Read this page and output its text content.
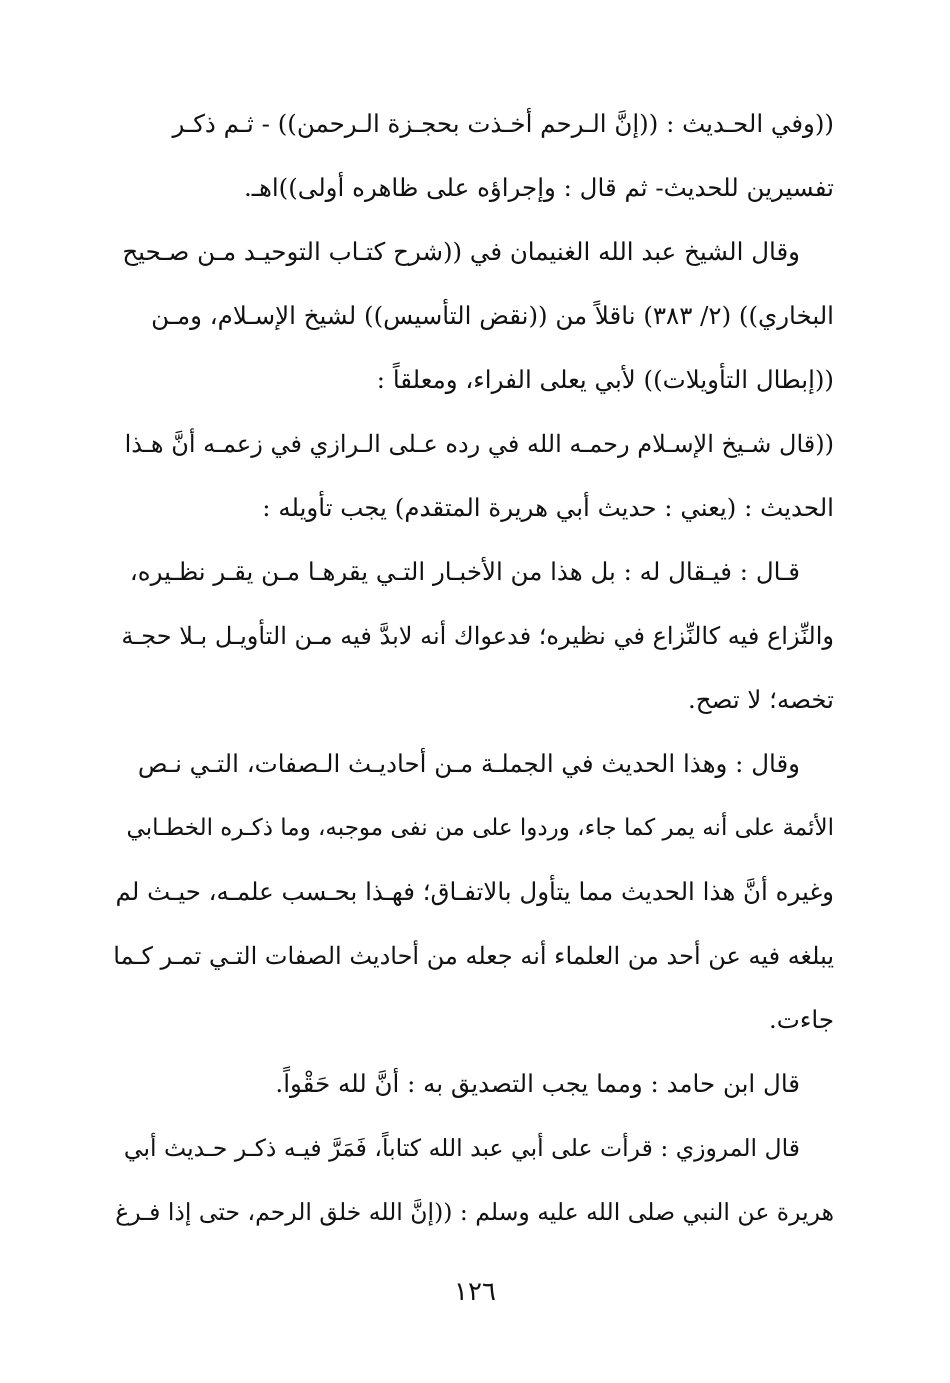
((وفي الحـديث : ((إنَّ الـرحم أخـذت بحجـزة الـرحمن)) - ثـم ذكـر
تفسيرين للحديث- ثم قال : وإجراؤه على ظاهره أولى))اهـ.
وقال الشيخ عبد الله الغنيمان في ((شرح كتـاب التوحيـد مـن صـحيح
البخاري)) (٢/ ٣٨٣) ناقلاً من ((نقض التأسيس)) لشيخ الإسـلام، ومـن
((إبطال التأويلات)) لأبي يعلى الفراء، ومعلقاً :
((قال شـيخ الإسـلام رحمـه الله في رده عـلى الـرازي في زعمـه أنَّ هـذا
الحديث : (يعني : حديث أبي هريرة المتقدم) يجب تأويله :
قـال : فيـقال له : بل هذا من الأخبـار التـي يقرهـا مـن يقـر نظـيره،
والنِّزاع فيه كالنِّزاع في نظيره؛ فدعواك أنه لابدَّ فيه مـن التأويـل بـلا حجـة
تخصه؛ لا تصح.
وقال : وهذا الحديث في الجملـة مـن أحاديـث الـصفات، التـي نـص
الأئمة على أنه يمر كما جاء، وردوا على من نفى موجبه، وما ذكـره الخطـابي
وغيره أنَّ هذا الحديث مما يتأول بالاتفـاق؛ فهـذا بحـسب علمـه، حيـث لم
يبلغه فيه عن أحد من العلماء أنه جعله من أحاديث الصفات التـي تمـر كـما
جاءت.
قال ابن حامد : ومما يجب التصديق به : أنَّ لله حَقْواً.
قال المروزي : قرأت على أبي عبد الله كتاباً، فَمَرَّ فيـه ذكـر حـديث أبي
هريرة عن النبي صلى الله عليه وسلم : ((إنَّ الله خلق الرحم، حتى إذا فـرغ
١٢٦
